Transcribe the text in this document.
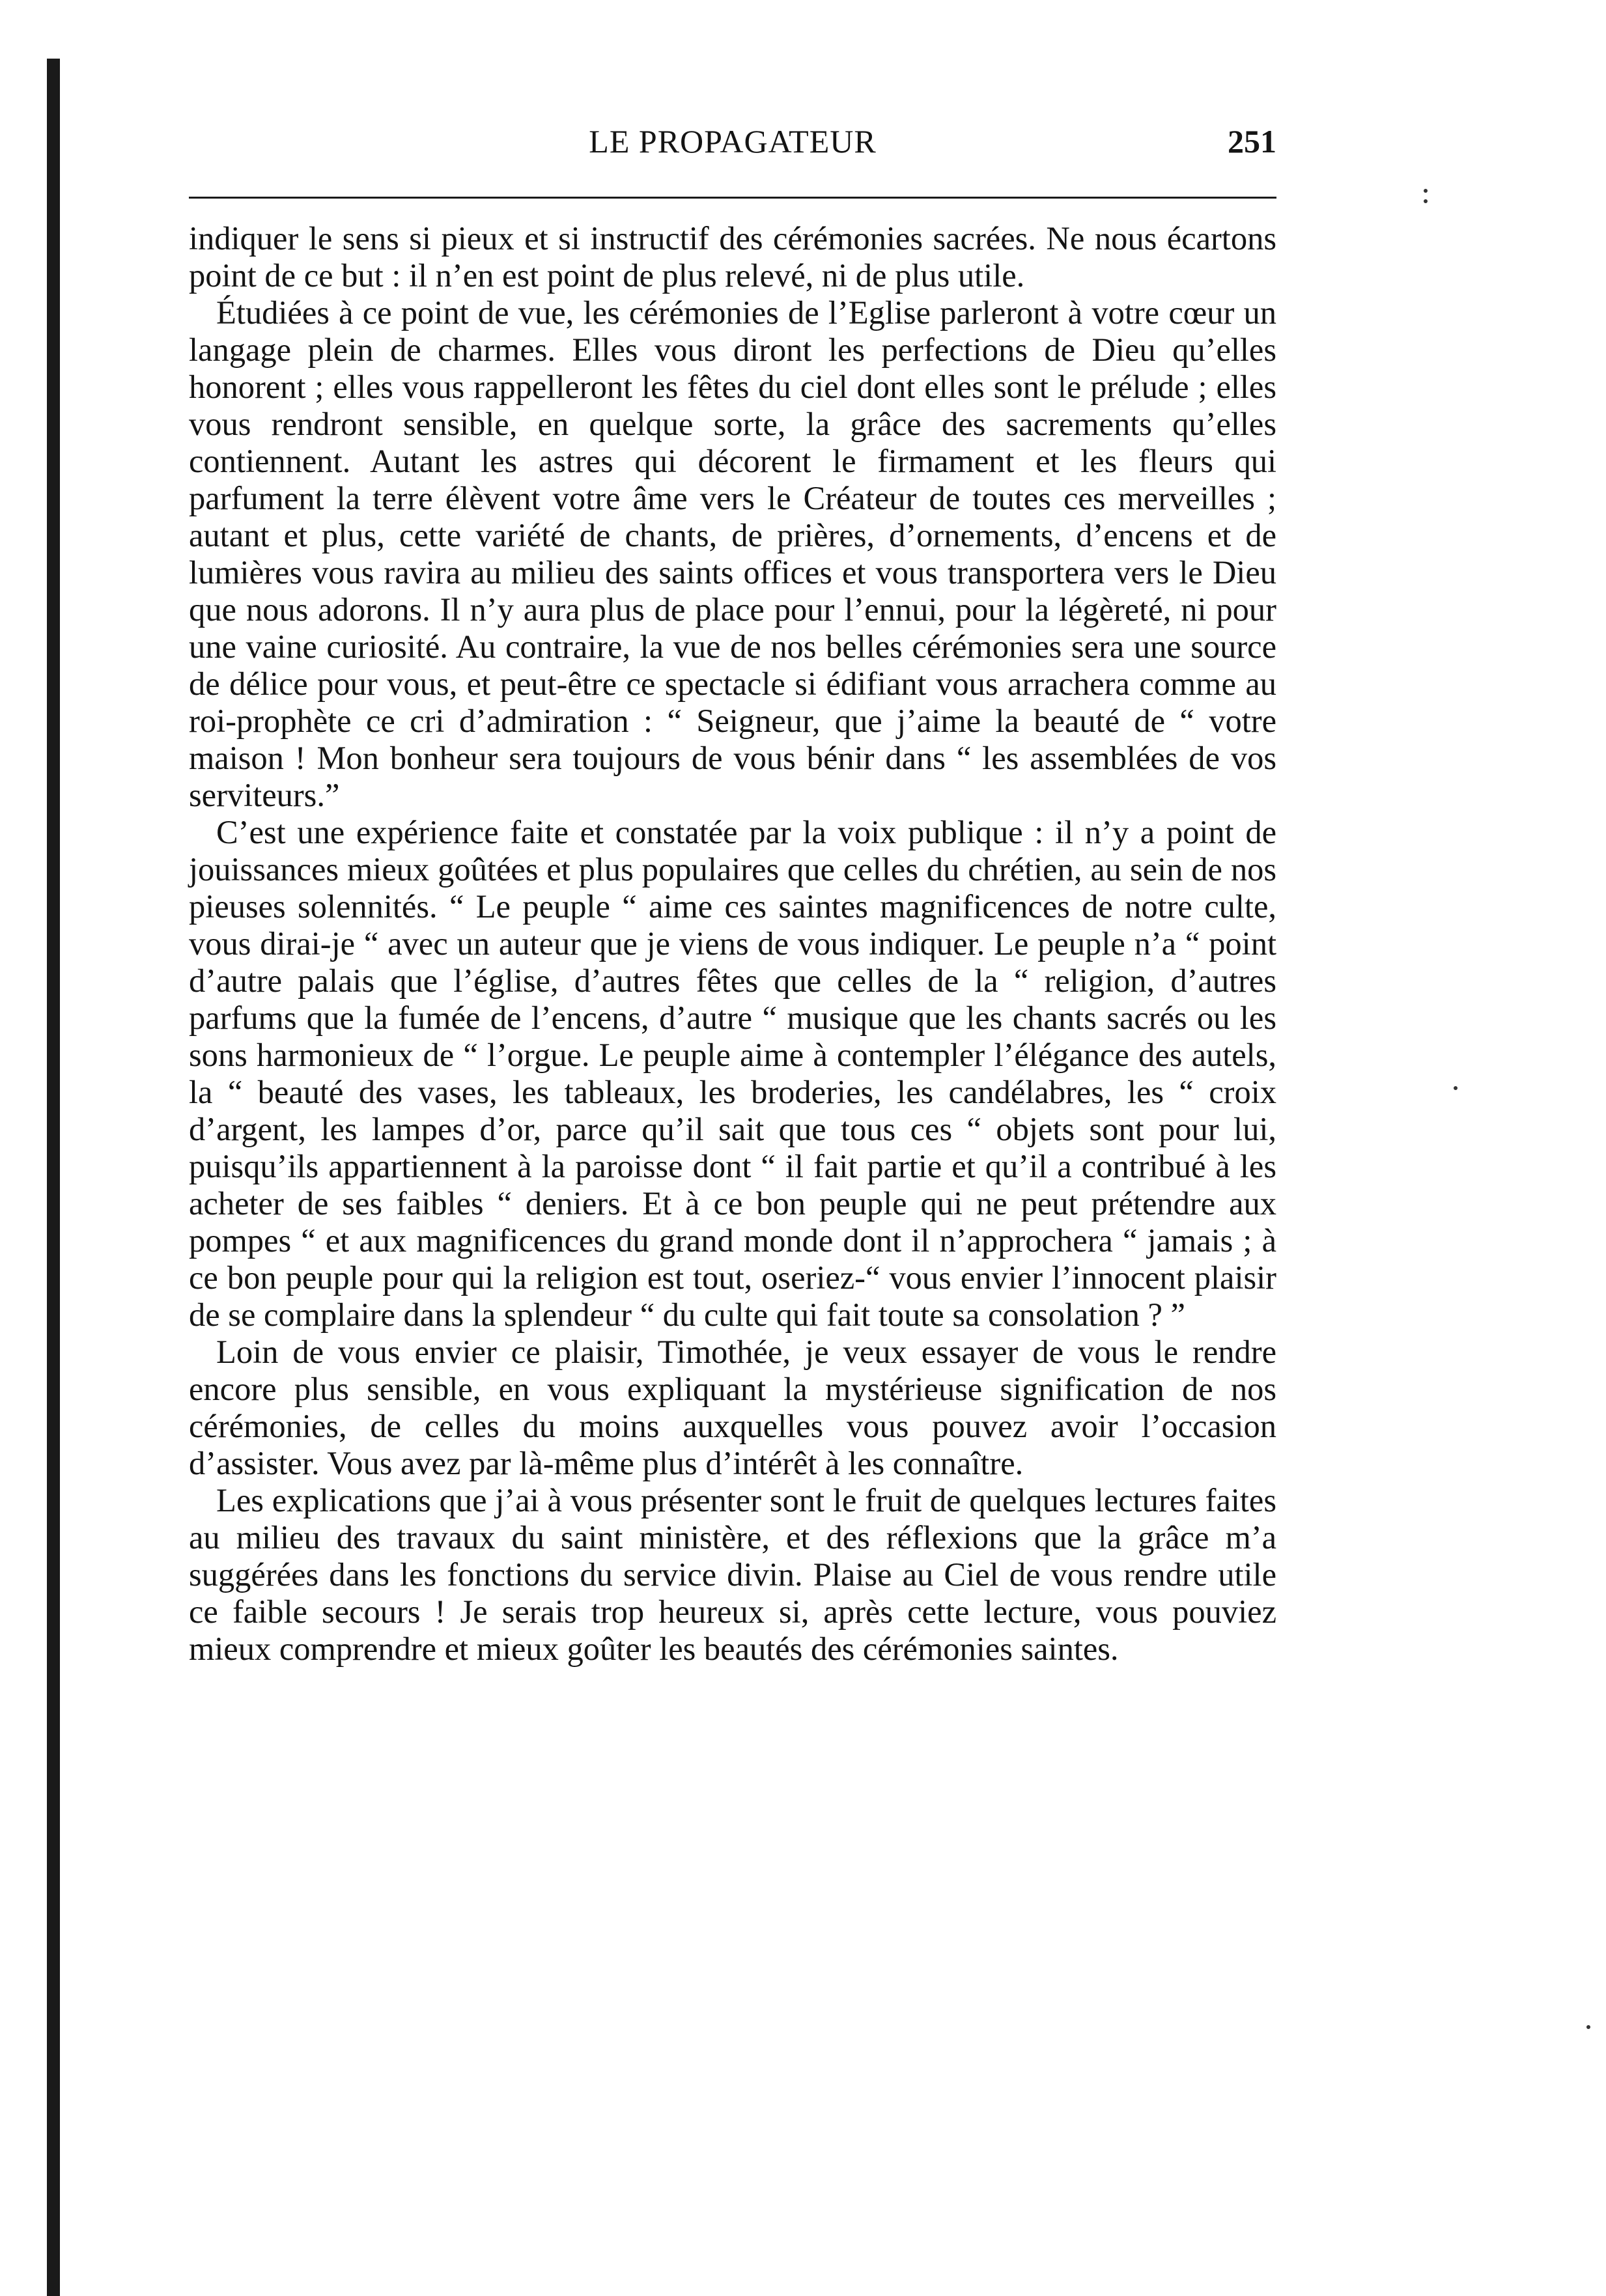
LE PROPAGATEUR	251

indiquer le sens si pieux et si instructif des cérémonies sacrées. Ne nous écartons point de ce but : il n’en est point de plus relevé, ni de plus utile.

Étudiées à ce point de vue, les cérémonies de l’Eglise parleront à votre cœur un langage plein de charmes. Elles vous diront les perfections de Dieu qu’elles honorent ; elles vous rappelleront les fêtes du ciel dont elles sont le prélude ; elles vous rendront sensible, en quelque sorte, la grâce des sacrements qu’elles contiennent. Autant les astres qui décorent le firmament et les fleurs qui parfument la terre élèvent votre âme vers le Créateur de toutes ces merveilles ; autant et plus, cette variété de chants, de prières, d’ornements, d’encens et de lumières vous ravira au milieu des saints offices et vous transportera vers le Dieu que nous adorons. Il n’y aura plus de place pour l’ennui, pour la légèreté, ni pour une vaine curiosité. Au contraire, la vue de nos belles cérémonies sera une source de délice pour vous, et peut-être ce spectacle si édifiant vous arrachera comme au roi-prophète ce cri d’admiration : “ Seigneur, que j’aime la beauté de “ votre maison ! Mon bonheur sera toujours de vous bénir dans “ les assemblées de vos serviteurs.”

C’est une expérience faite et constatée par la voix publique : il n’y a point de jouissances mieux goûtées et plus populaires que celles du chrétien, au sein de nos pieuses solennités. “ Le peuple “ aime ces saintes magnificences de notre culte, vous dirai-je “ avec un auteur que je viens de vous indiquer. Le peuple n’a “ point d’autre palais que l’église, d’autres fêtes que celles de la “ religion, d’autres parfums que la fumée de l’encens, d’autre “ musique que les chants sacrés ou les sons harmonieux de “ l’orgue. Le peuple aime à contempler l’élégance des autels, la “ beauté des vases, les tableaux, les broderies, les candélabres, les “ croix d’argent, les lampes d’or, parce qu’il sait que tous ces “ objets sont pour lui, puisqu’ils appartiennent à la paroisse dont “ il fait partie et qu’il a contribué à les acheter de ses faibles “ deniers. Et à ce bon peuple qui ne peut prétendre aux pompes “ et aux magnificences du grand monde dont il n’approchera “ jamais ; à ce bon peuple pour qui la religion est tout, oseriez-“ vous envier l’innocent plaisir de se complaire dans la splendeur “ du culte qui fait toute sa consolation ? ”

Loin de vous envier ce plaisir, Timothée, je veux essayer de vous le rendre encore plus sensible, en vous expliquant la mystérieuse signification de nos cérémonies, de celles du moins auxquelles vous pouvez avoir l’occasion d’assister. Vous avez par là-même plus d’intérêt à les connaître.

Les explications que j’ai à vous présenter sont le fruit de quelques lectures faites au milieu des travaux du saint ministère, et des réflexions que la grâce m’a suggérées dans les fonctions du service divin. Plaise au Ciel de vous rendre utile ce faible secours ! Je serais trop heureux si, après cette lecture, vous pouviez mieux comprendre et mieux goûter les beautés des cérémonies saintes.
